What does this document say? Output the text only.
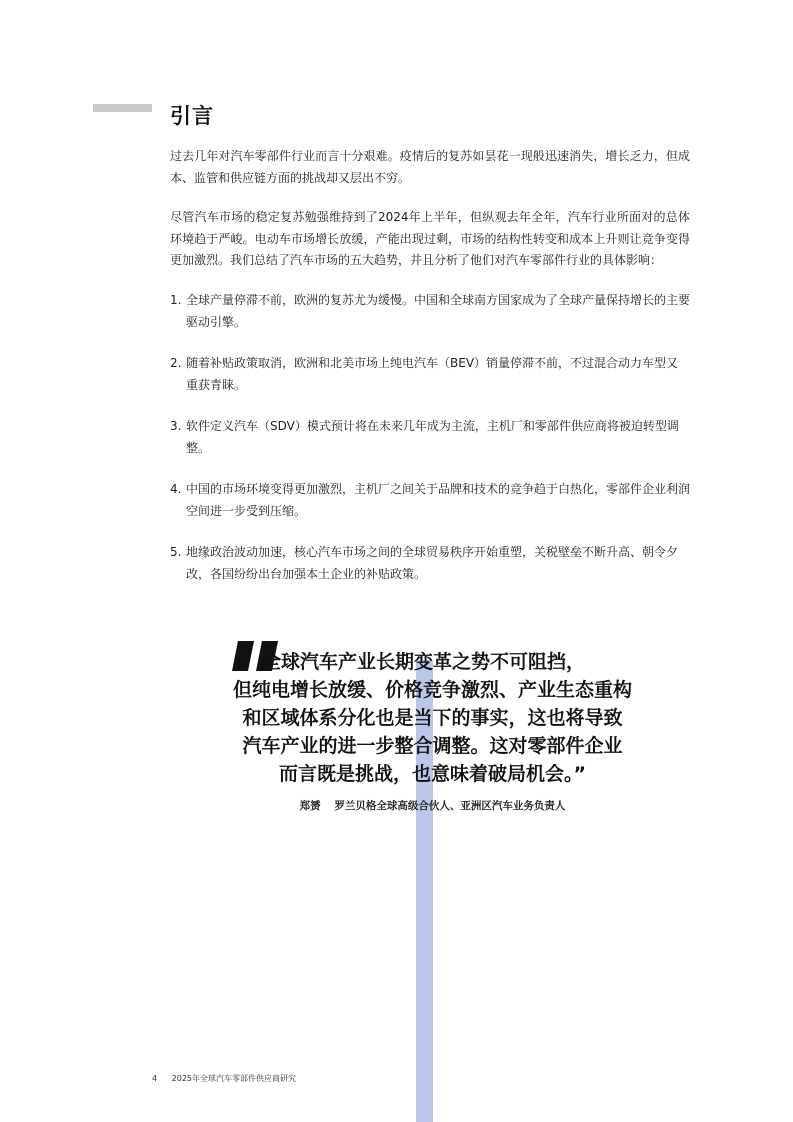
引言

过去几年对汽车零部件行业而言十分艰难。疫情后的复苏如昙花一现般迅速消失，增长乏力，但成本、监管和供应链方面的挑战却又层出不穷。

尽管汽车市场的稳定复苏勉强维持到了2024年上半年，但纵观去年全年，汽车行业所面对的总体环境趋于严峻。电动车市场增长放缓，产能出现过剩，市场的结构性转变和成本上升则让竞争变得更加激烈。我们总结了汽车市场的五大趋势，并且分析了他们对汽车零部件行业的具体影响：

1. 全球产量停滞不前，欧洲的复苏尤为缓慢。中国和全球南方国家成为了全球产量保持增长的主要驱动引擎。
2. 随着补贴政策取消，欧洲和北美市场上纯电汽车（BEV）销量停滞不前，不过混合动力车型又重获青睐。
3. 软件定义汽车（SDV）模式预计将在未来几年成为主流，主机厂和零部件供应商将被迫转型调整。
4. 中国的市场环境变得更加激烈，主机厂之间关于品牌和技术的竞争趋于白热化，零部件企业利润空间进一步受到压缩。
5. 地缘政治波动加速，核心汽车市场之间的全球贸易秩序开始重塑，关税壁垒不断升高、朝令夕改，各国纷纷出台加强本土企业的补贴政策。
全球汽车产业长期变革之势不可阻挡，
但纯电增长放缓、价格竞争激烈、产业生态重构
和区域体系分化也是当下的事实，这也将导致
汽车产业的进一步整合调整。这对零部件企业
而言既是挑战，也意味着破局机会。”
郑赟 罗兰贝格全球高级合伙人、亚洲区汽车业务负责人
4 2025年全球汽车零部件供应商研究
